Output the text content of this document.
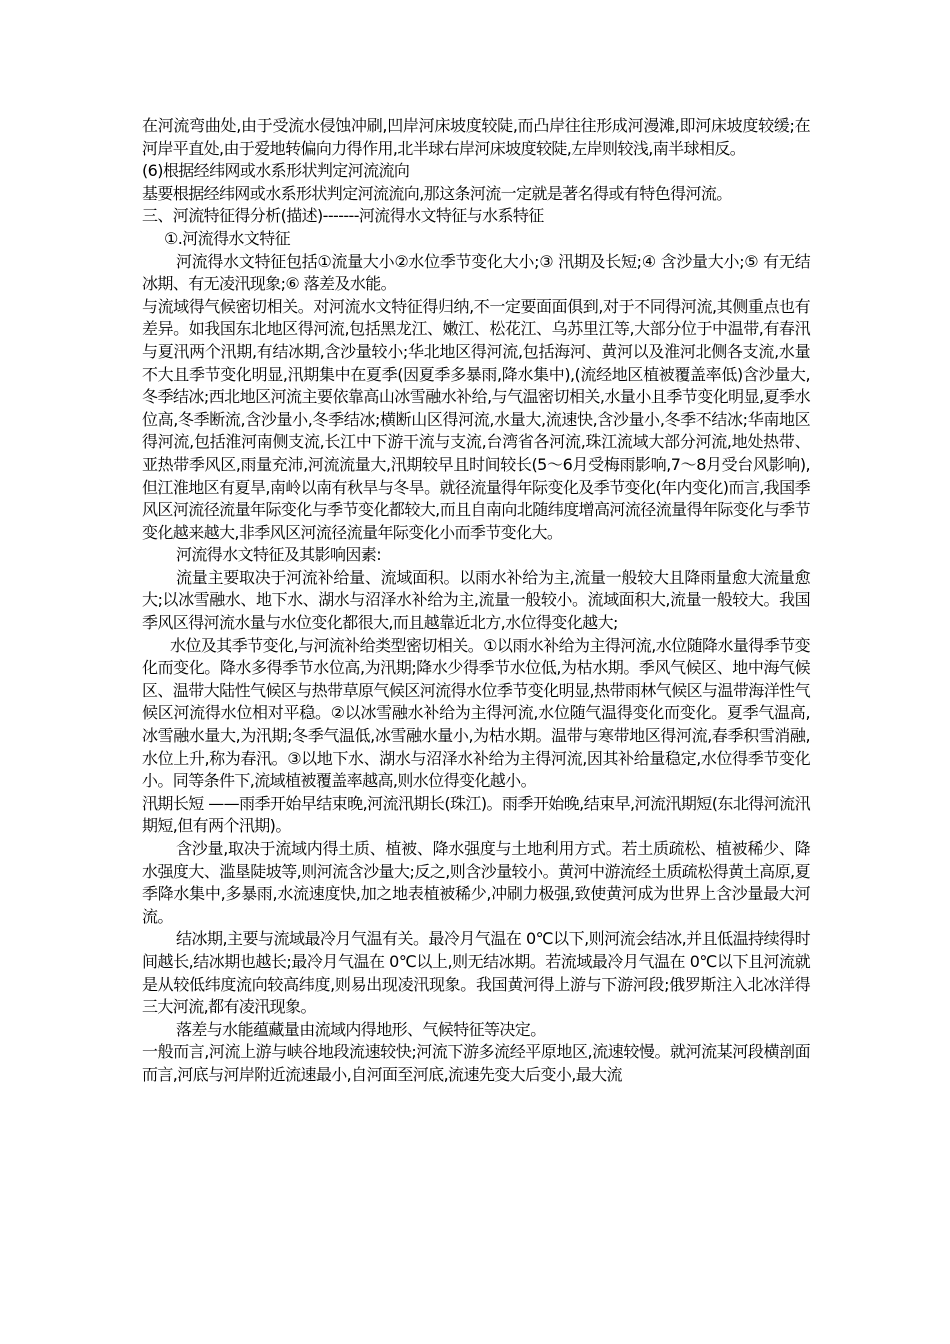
在河流弯曲处,由于受流水侵蚀冲刷,凹岸河床坡度较陡,而凸岸往往形成河漫滩,即河床坡度较缓;在河岸平直处,由于爱地转偏向力得作用,北半球右岸河床坡度较陡,左岸则较浅,南半球相反。

(6)根据经纬网或水系形状判定河流流向

基要根据经纬网或水系形状判定河流流向,那这条河流一定就是著名得或有特色得河流。

三、河流特征得分析(描述)-------河流得水文特征与水系特征

①.河流得水文特征

河流得水文特征包括①流量大小②水位季节变化大小;③ 汛期及长短;④ 含沙量大小;⑤ 有无结冰期、有无凌汛现象;⑥ 落差及水能。

与流域得气候密切相关。对河流水文特征得归纳,不一定要面面俱到,对于不同得河流,其侧重点也有差异。如我国东北地区得河流,包括黑龙江、嫩江、松花江、乌苏里江等,大部分位于中温带,有春汛与夏汛两个汛期,有结冰期,含沙量较小;华北地区得河流,包括海河、黄河以及淮河北侧各支流,水量不大且季节变化明显,汛期集中在夏季(因夏季多暴雨,降水集中),(流经地区植被覆盖率低)含沙量大,冬季结冰;西北地区河流主要依靠高山冰雪融水补给,与气温密切相关,水量小且季节变化明显,夏季水位高,冬季断流,含沙量小,冬季结冰;横断山区得河流,水量大,流速快,含沙量小,冬季不结冰;华南地区得河流,包括淮河南侧支流,长江中下游干流与支流,台湾省各河流,珠江流域大部分河流,地处热带、亚热带季风区,雨量充沛,河流流量大,汛期较早且时间较长(5～6月受梅雨影响,7～8月受台风影响),但江淮地区有夏旱,南岭以南有秋旱与冬旱。就径流量得年际变化及季节变化(年内变化)而言,我国季风区河流径流量年际变化与季节变化都较大,而且自南向北随纬度增高河流径流量得年际变化与季节变化越来越大,非季风区河流径流量年际变化小而季节变化大。

河流得水文特征及其影响因素:

流量主要取决于河流补给量、流域面积。以雨水补给为主,流量一般较大且降雨量愈大流量愈大;以冰雪融水、地下水、湖水与沼泽水补给为主,流量一般较小。流域面积大,流量一般较大。我国季风区得河流水量与水位变化都很大,而且越靠近北方,水位得变化越大;

水位及其季节变化,与河流补给类型密切相关。①以雨水补给为主得河流,水位随降水量得季节变化而变化。降水多得季节水位高,为汛期;降水少得季节水位低,为枯水期。季风气候区、地中海气候区、温带大陆性气候区与热带草原气候区河流得水位季节变化明显,热带雨林气候区与温带海洋性气候区河流得水位相对平稳。②以冰雪融水补给为主得河流,水位随气温得变化而变化。夏季气温高,冰雪融水量大,为汛期;冬季气温低,冰雪融水量小,为枯水期。温带与寒带地区得河流,春季积雪消融,水位上升,称为春汛。③以地下水、湖水与沼泽水补给为主得河流,因其补给量稳定,水位得季节变化小。同等条件下,流域植被覆盖率越高,则水位得变化越小。

汛期长短 ——雨季开始早结束晚,河流汛期长(珠江)。雨季开始晚,结束早,河流汛期短(东北得河流汛期短,但有两个汛期)。

含沙量,取决于流域内得土质、植被、降水强度与土地利用方式。若土质疏松、植被稀少、降水强度大、滥垦陡坡等,则河流含沙量大;反之,则含沙量较小。黄河中游流经土质疏松得黄土高原,夏季降水集中,多暴雨,水流速度快,加之地表植被稀少,冲刷力极强,致使黄河成为世界上含沙量最大河流。

结冰期,主要与流域最冷月气温有关。最冷月气温在 0℃以下,则河流会结冰,并且低温持续得时间越长,结冰期也越长;最冷月气温在 0℃以上,则无结冰期。若流域最冷月气温在 0℃以下且河流就是从较低纬度流向较高纬度,则易出现凌汛现象。我国黄河得上游与下游河段;俄罗斯注入北冰洋得三大河流,都有凌汛现象。

落差与水能蕴藏量由流域内得地形、气候特征等决定。

一般而言,河流上游与峡谷地段流速较快;河流下游多流经平原地区,流速较慢。就河流某河段横剖面而言,河底与河岸附近流速最小,自河面至河底,流速先变大后变小,最大流
